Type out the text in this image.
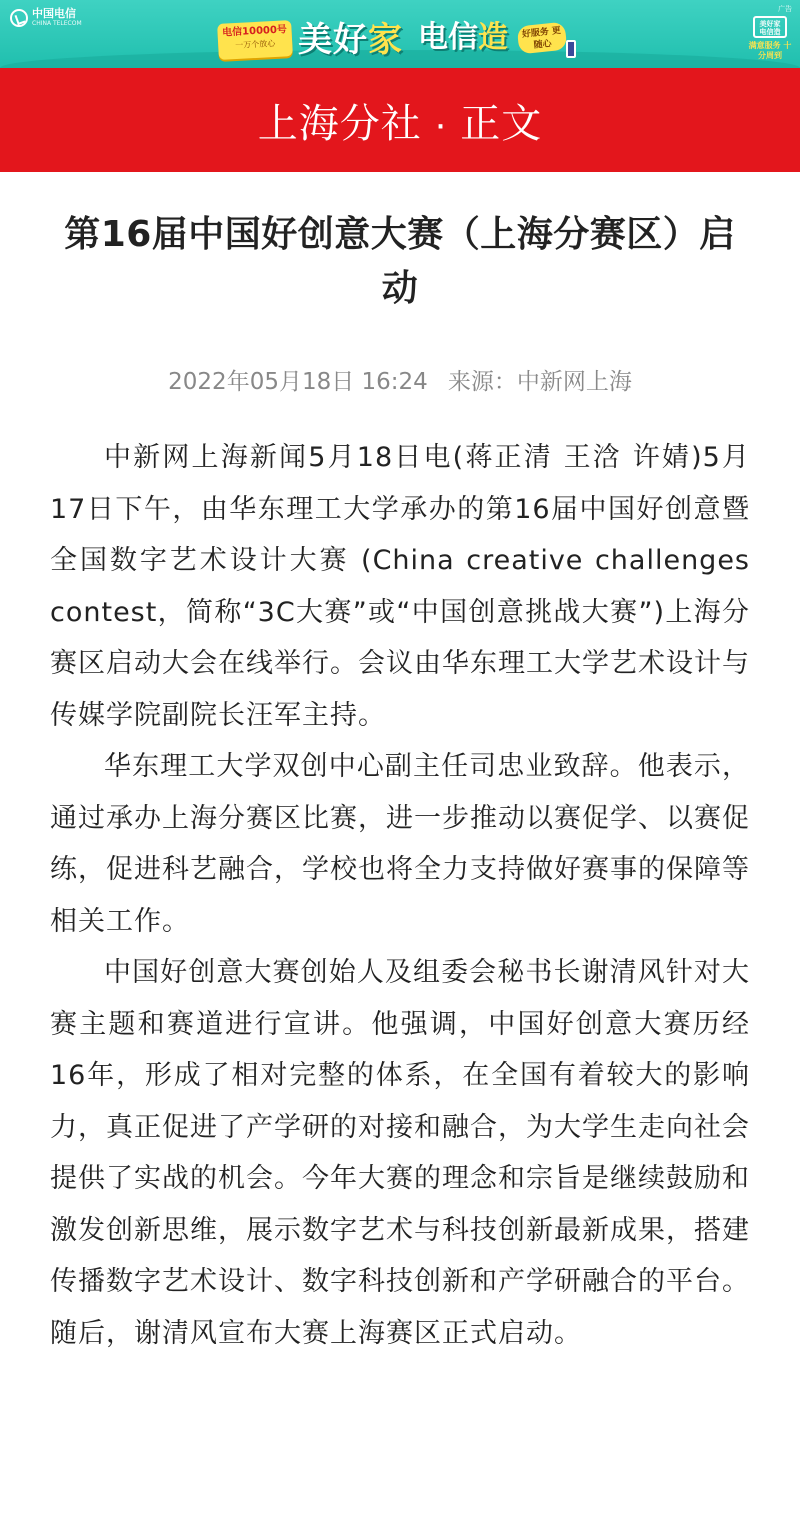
中国电信
CHINA TELECOM
电信10000号
一万个放心 美好家 电信造	好服务 更随心
广告
美好家 电信造
满意服务 十分周到
上海分社 · 正文
第16届中国好创意大赛（上海分赛区）启动
2022年05月18日 16:24 来源：中新网上海

中新网上海新闻5月18日电(蒋正清 王浛 许婧)5月17日下午，由华东理工大学承办的第16届中国好创意暨全国数字艺术设计大赛 (China creative challenges contest，简称“3C大赛”或“中国创意挑战大赛”)上海分赛区启动大会在线举行。会议由华东理工大学艺术设计与传媒学院副院长汪军主持。

华东理工大学双创中心副主任司忠业致辞。他表示，通过承办上海分赛区比赛，进一步推动以赛促学、以赛促练，促进科艺融合，学校也将全力支持做好赛事的保障等相关工作。

中国好创意大赛创始人及组委会秘书长谢清风针对大赛主题和赛道进行宣讲。他强调，中国好创意大赛历经16年，形成了相对完整的体系，在全国有着较大的影响力，真正促进了产学研的对接和融合，为大学生走向社会提供了实战的机会。今年大赛的理念和宗旨是继续鼓励和激发创新思维，展示数字艺术与科技创新最新成果，搭建传播数字艺术设计、数字科技创新和产学研融合的平台。随后，谢清风宣布大赛上海赛区正式启动。
